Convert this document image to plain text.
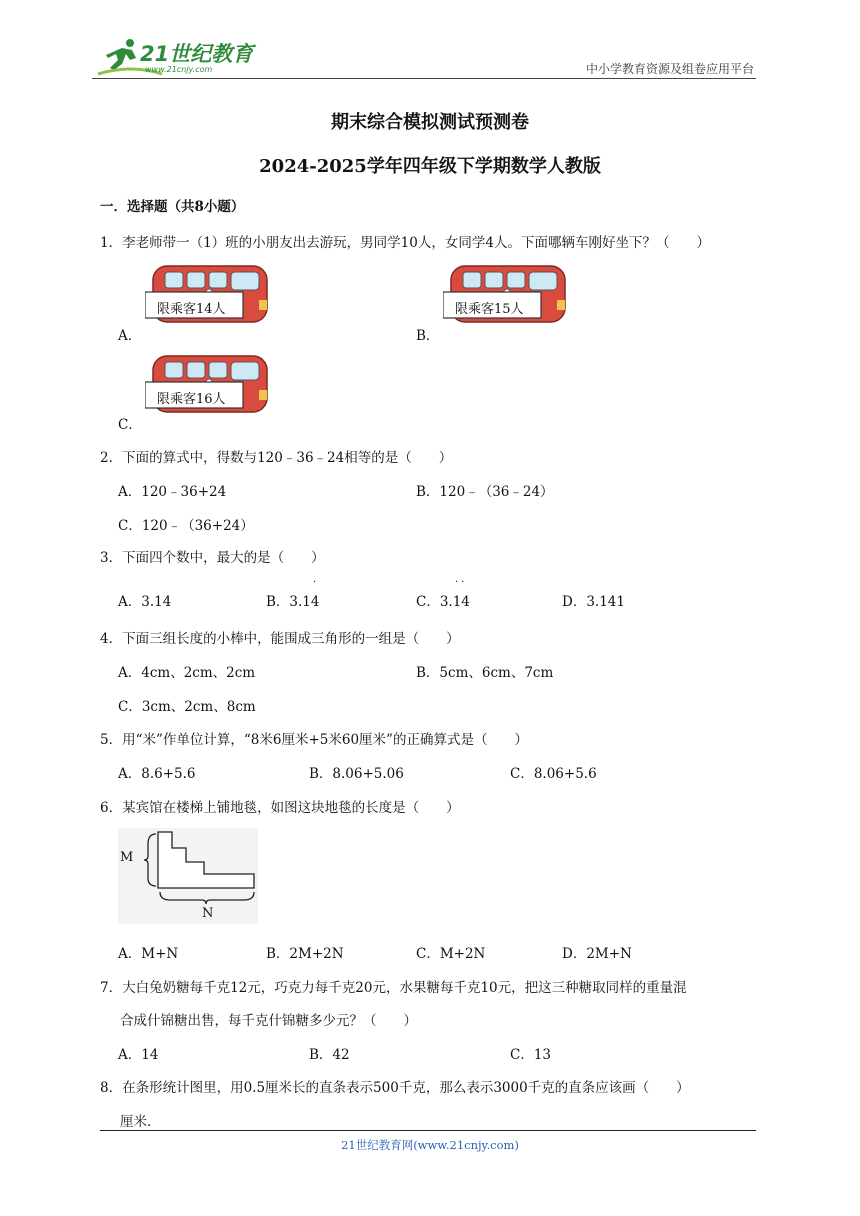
21世纪教育
www.21cnjy.com	中小学教育资源及组卷应用平台
期末综合模拟测试预测卷
2024-2025学年四年级下学期数学人教版
一．选择题（共8小题）
1．李老师带一（1）班的小朋友出去游玩，男同学10人，女同学4人。下面哪辆车刚好坐下？（　　）
A．
限乘客14人
B．
限乘客15人
C．
限乘客16人
2．下面的算式中，得数与120﹣36﹣24相等的是（　　）
A．120﹣36+24	B．120﹣（36﹣24）
C．120﹣（36+24）
3．下面四个数中，最大的是（　　）
A．3.14	B．3.14
·
C．3.14
··
D．3.141
4．下面三组长度的小棒中，能围成三角形的一组是（　　）
A．4cm、2cm、2cm	B．5cm、6cm、7cm
C．3cm、2cm、8cm
5．用“米”作单位计算，“8米6厘米+5米60厘米”的正确算式是（　　）
A．8.6+5.6	B．8.06+5.06	C．8.06+5.6
6．某宾馆在楼梯上铺地毯，如图这块地毯的长度是（　　）
M
N
A．M+N	B．2M+2N	C．M+2N	D．2M+N
7．大白兔奶糖每千克12元，巧克力每千克20元，水果糖每千克10元，把这三种糖取同样的重量混
合成什锦糖出售，每千克什锦糖多少元？（　　）
A．14	B．42	C．13
8．在条形统计图里，用0.5厘米长的直条表示500千克，那么表示3000千克的直条应该画（　　）
厘米.
21世纪教育网(www.21cnjy.com)
